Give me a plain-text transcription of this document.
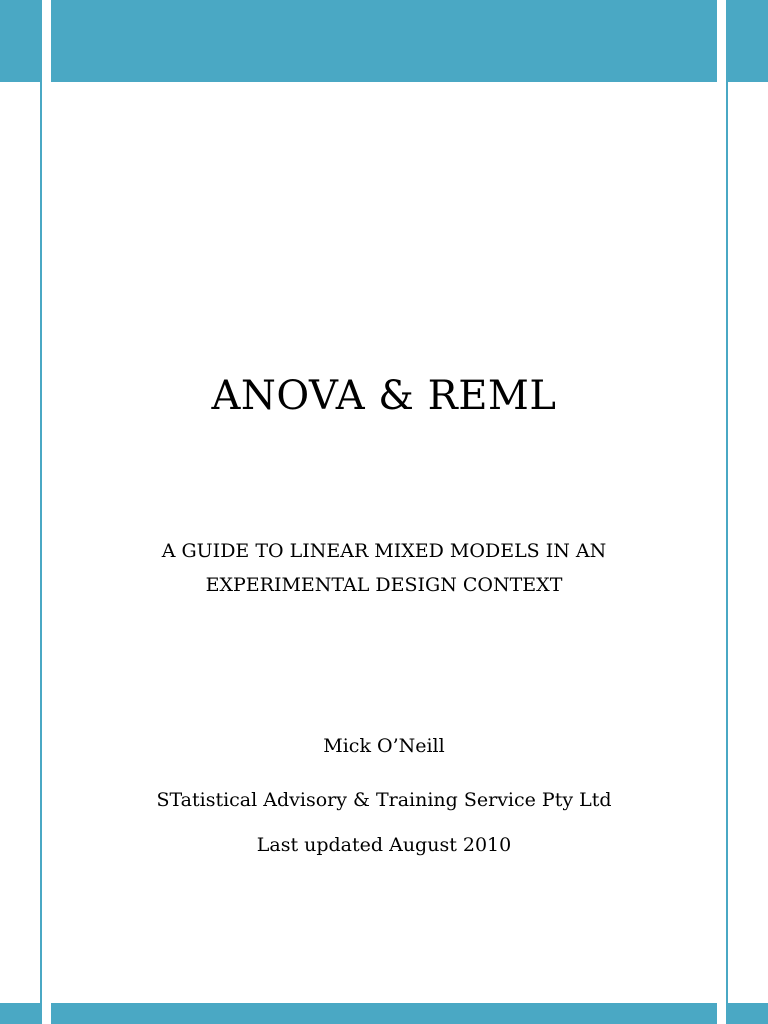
ANOVA & REML
A GUIDE TO LINEAR MIXED MODELS IN AN
EXPERIMENTAL DESIGN CONTEXT
Mick O’Neill
STatistical Advisory & Training Service Pty Ltd
Last updated August 2010
